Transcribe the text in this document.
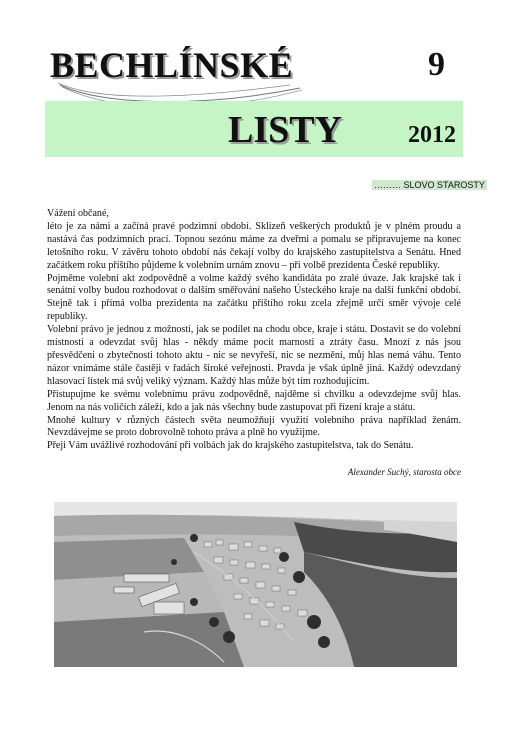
BECHLÍNSKÉ	9
LISTY	2012
……… SLOVO STAROSTY

Vážení občané,

léto je za námi a začíná pravé podzimní období. Sklizeň veškerých produktů je v plném proudu a nastává čas podzimních prací. Topnou sezónu máme za dveřmi a pomalu se připravujeme na konec letošního roku. V závěru tohoto období nás čekají volby do krajského zastupitelstva a Senátu. Hned začátkem roku příštího půjdeme k volebním urnám znovu – při volbě prezidenta České republiky.

Pojměme volební akt zodpovědně a volme každý svého kandidáta po zralé úvaze. Jak krajské tak i senátní volby budou rozhodovat o dalším směřování našeho Ústeckého kraje na další funkční období. Stejně tak i přímá volba prezidenta na začátku příštího roku zcela zřejmě určí směr vývoje celé republiky.

Volební právo je jednou z možností, jak se podílet na chodu obce, kraje i státu. Dostavit se do volební místnosti a odevzdat svůj hlas - někdy máme pocit marnosti a ztráty času. Mnozí z nás jsou přesvědčeni o zbytečnosti tohoto aktu - nic se nevyřeší, nic se nezmění, můj hlas nemá váhu. Tento názor vnímáme stále častěji v řadách široké veřejnosti. Pravda je však úplně jiná. Každý odevzdaný hlasovací lístek má svůj veliký význam. Každý hlas může být tím rozhodujícím.

Přistupujme ke svému volebnímu právu zodpovědně, najděme si chvilku a odevzdejme svůj hlas. Jenom na nás voličích záleží, kdo a jak nás všechny bude zastupovat při řízení kraje a státu.

Mnohé kultury v různých částech světa neumožňují využití volebního práva například ženám. Nevzdávejme se proto dobrovolně tohoto práva a plně ho využijme.

Přeji Vám uvážlivé rozhodování při volbách jak do krajského zastupitelstva, tak do Senátu.

Alexander Suchý, starosta obce
